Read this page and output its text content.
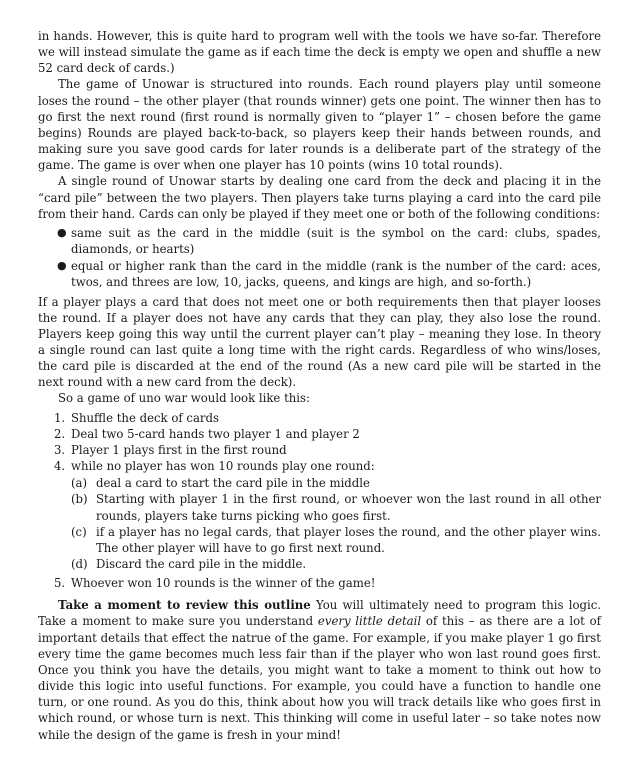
in hands. However, this is quite hard to program well with the tools we have so-far. Therefore we will instead simulate the game as if each time the deck is empty we open and shuffle a new 52 card deck of cards.)

The game of Unowar is structured into rounds. Each round players play until someone loses the round – the other player (that rounds winner) gets one point. The winner then has to go first the next round (first round is normally given to “player 1” – chosen before the game begins) Rounds are played back-to-back, so players keep their hands between rounds, and making sure you save good cards for later rounds is a deliberate part of the strategy of the game. The game is over when one player has 10 points (wins 10 total rounds).

A single round of Unowar starts by dealing one card from the deck and placing it in the “card pile” between the two players. Then players take turns playing a card into the card pile from their hand. Cards can only be played if they meet one or both of the following conditions:

● same suit as the card in the middle (suit is the symbol on the card: clubs, spades, diamonds, or hearts)
● equal or higher rank than the card in the middle (rank is the number of the card: aces, twos, and threes are low, 10, jacks, queens, and kings are high, and so-forth.)

If a player plays a card that does not meet one or both requirements then that player looses the round. If a player does not have any cards that they can play, they also lose the round. Players keep going this way until the current player can’t play – meaning they lose. In theory a single round can last quite a long time with the right cards. Regardless of who wins/loses, the card pile is discarded at the end of the round (As a new card pile will be started in the next round with a new card from the deck).

So a game of uno war would look like this:

1. Shuffle the deck of cards
2. Deal two 5-card hands two player 1 and player 2
3. Player 1 plays first in the first round
4. while no player has won 10 rounds play one round:
(a) deal a card to start the card pile in the middle
(b) Starting with player 1 in the first round, or whoever won the last round in all other rounds, players take turns picking who goes first.
(c) if a player has no legal cards, that player loses the round, and the other player wins. The other player will have to go first next round.
(d) Discard the card pile in the middle.
5. Whoever won 10 rounds is the winner of the game!

Take a moment to review this outline You will ultimately need to program this logic. Take a moment to make sure you understand every little detail of this – as there are a lot of important details that effect the natrue of the game. For example, if you make player 1 go first every time the game becomes much less fair than if the player who won last round goes first. Once you think you have the details, you might want to take a moment to think out how to divide this logic into useful functions. For example, you could have a function to handle one turn, or one round. As you do this, think about how you will track details like who goes first in which round, or whose turn is next. This thinking will come in useful later – so take notes now while the design of the game is fresh in your mind!
